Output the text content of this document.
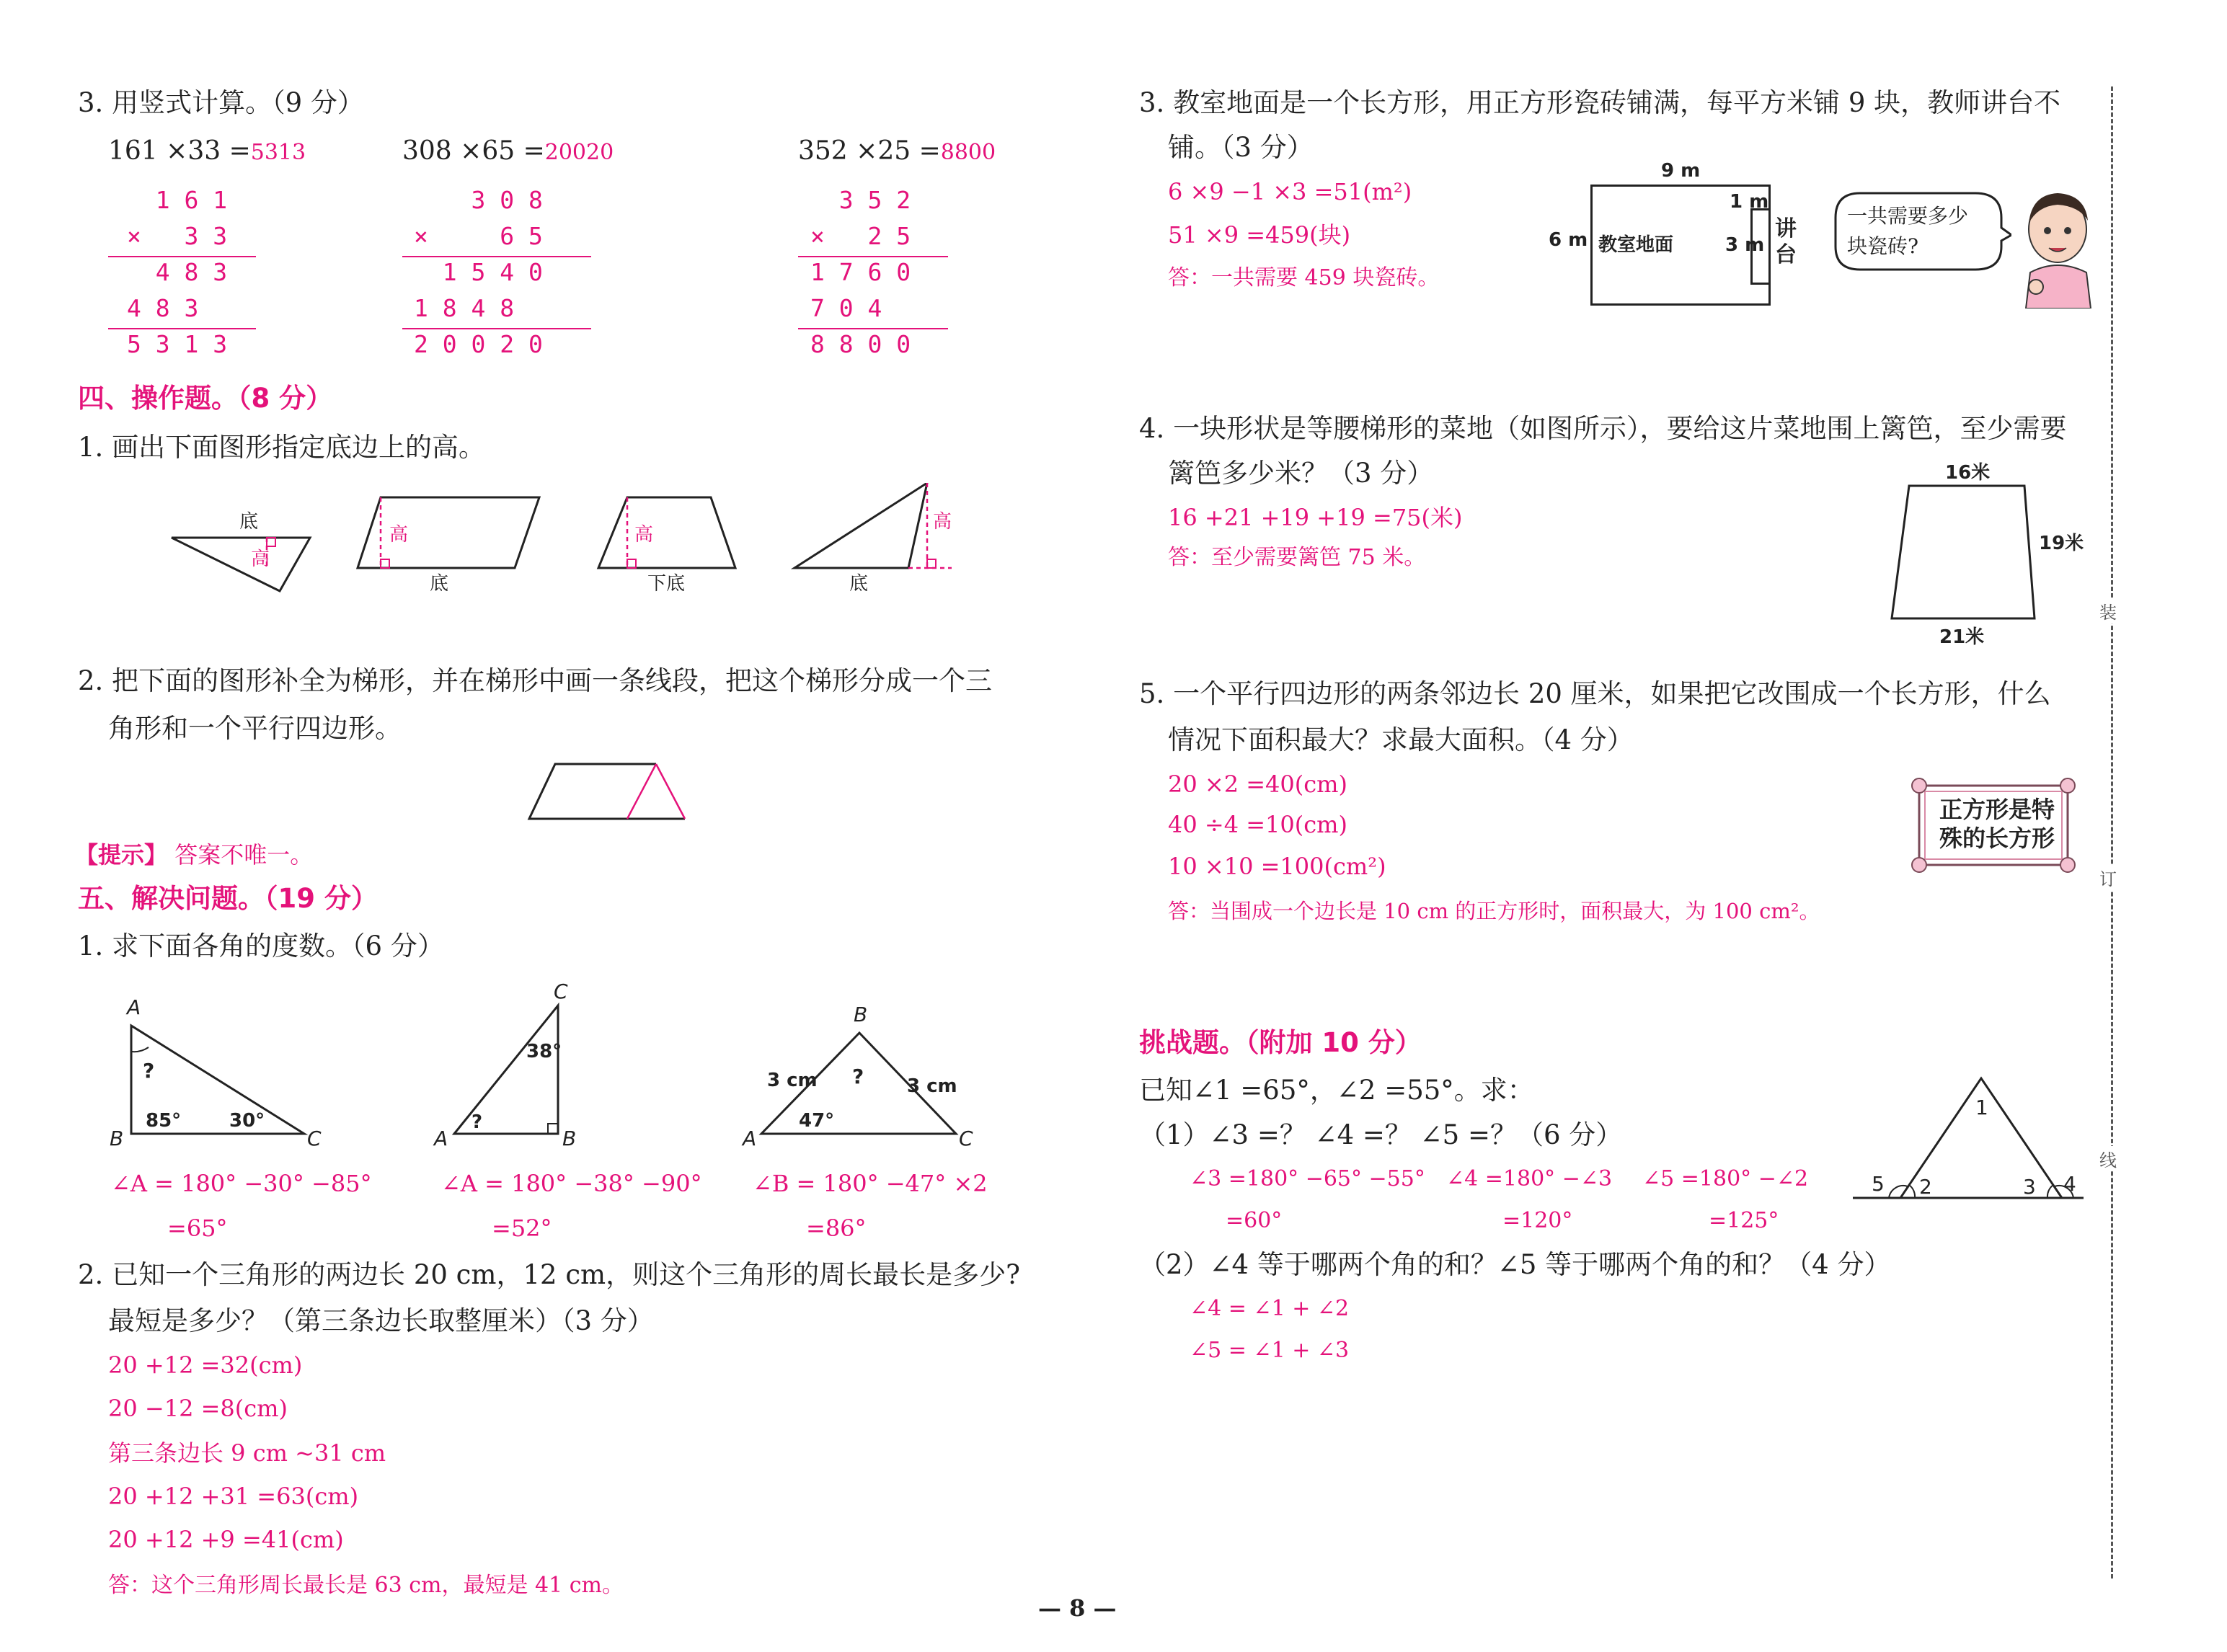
3. 用竖式计算。（9 分）
161 ×33 =5313	308 ×65 =20020	352 ×25 =8800
1 6 1
×   3 3
4 8 3
4 8 3
5 3 1 3
3 0 8
×     6 5
1 5 4 0
1 8 4 8
2 0 0 2 0
3 5 2
×   2 5
1 7 6 0
7 0 4
8 8 0 0
四、操作题。（8 分）
1. 画出下面图形指定底边上的高。
底
高
高
底
高
下底
高
底
2. 把下面的图形补全为梯形，并在梯形中画一条线段，把这个梯形分成一个三
角形和一个平行四边形。
【提示】 答案不唯一。
五、解决问题。（19 分）
1. 求下面各角的度数。（6 分）
A
B	C
?
85°	30°
C
A	B
38°
?
B
A	C
3 cm	3 cm
?
47°
∠A = 180° −30° −85°
=65°
∠A = 180° −38° −90°
=52°
∠B = 180° −47° ×2
=86°
2. 已知一个三角形的两边长 20 cm，12 cm，则这个三角形的周长最长是多少?
最短是多少？（第三条边长取整厘米）（3 分）
20 +12 =32(cm)
20 −12 =8(cm)
第三条边长 9 cm ~31 cm
20 +12 +31 =63(cm)
20 +12 +9 =41(cm)
答：这个三角形周长最长是 63 cm，最短是 41 cm。
3. 教室地面是一个长方形，用正方形瓷砖铺满，每平方米铺 9 块，教师讲台不
铺。（3 分）
6 ×9 −1 ×3 =51(m²)
51 ×9 =459(块)
答：一共需要 459 块瓷砖。
教室地面	3 m
1 m
9 m
6 m	讲
台
一共需要多少
块瓷砖?
4. 一块形状是等腰梯形的菜地（如图所示），要给这片菜地围上篱笆，至少需要
篱笆多少米？（3 分）
16 +21 +19 +19 =75(米)
答：至少需要篱笆 75 米。
16米
19米
21米
5. 一个平行四边形的两条邻边长 20 厘米，如果把它改围成一个长方形，什么
情况下面积最大？求最大面积。（4 分）
20 ×2 =40(cm)
40 ÷4 =10(cm)
10 ×10 =100(cm²)
答：当围成一个边长是 10 cm 的正方形时，面积最大，为 100 cm²。
正方形是特
殊的长方形
挑战题。（附加 10 分）
已知∠1 =65°，∠2 =55°。求：
（1）∠3 =？ ∠4 =？ ∠5 =？（6 分）
∠3 =180° −65° −55°
=60°
∠4 =180° −∠3
=120°
∠5 =180° −∠2
=125°
1
2	3 4
5
（2）∠4 等于哪两个角的和？∠5 等于哪两个角的和？（4 分）
∠4 = ∠1 + ∠2
∠5 = ∠1 + ∠3
装
订
线
— 8 —
